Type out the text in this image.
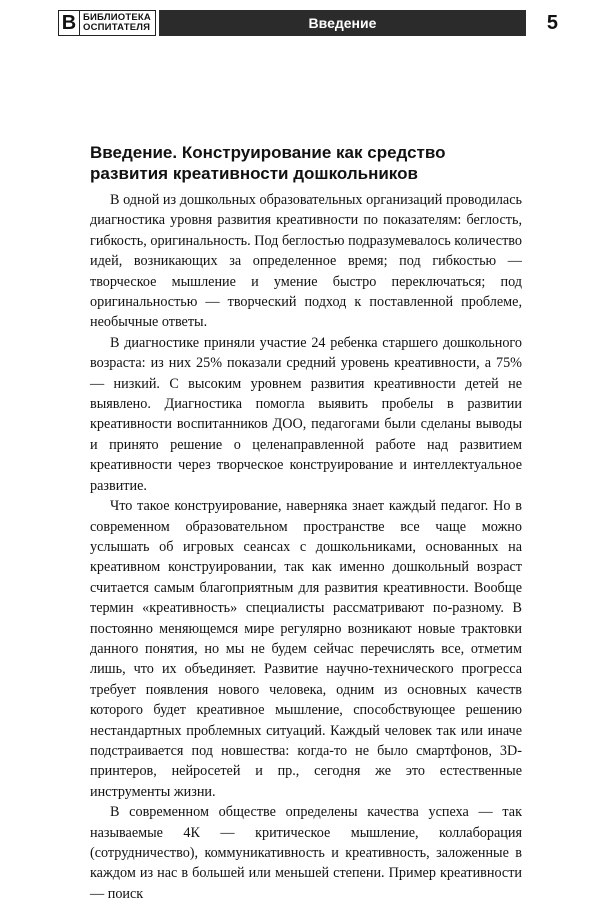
В БИБЛИОТЕКА
ОСПИТАТЕЛЯ	Введение	5
Введение. Конструирование как средство
развития креативности дошкольников

В одной из дошкольных образовательных организаций проводилась диагностика уровня развития креативности по показателям: беглость, гибкость, оригинальность. Под беглостью подразумевалось количество идей, возникающих за определенное время; под гибкостью — творческое мышление и умение быстро переключаться; под оригинальностью — творческий подход к поставленной проблеме, необычные ответы.

В диагностике приняли участие 24 ребенка старшего дошкольного возраста: из них 25% показали средний уровень креативности, а 75% — низкий. С высоким уровнем развития креативности детей не выявлено. Диагностика помогла выявить пробелы в развитии креативности воспитанников ДОО, педагогами были сделаны выводы и принято решение о целенаправленной работе над развитием креативности через творческое конструирование и интеллектуальное развитие.

Что такое конструирование, наверняка знает каждый педагог. Но в современном образовательном пространстве все чаще можно услышать об игровых сеансах с дошкольниками, основанных на креативном конструировании, так как именно дошкольный возраст считается самым благоприятным для развития креативности. Вообще термин «креативность» специалисты рассматривают по-разному. В постоянно меняющемся мире регулярно возникают новые трактовки данного понятия, но мы не будем сейчас перечислять все, отметим лишь, что их объединяет. Развитие научно-технического прогресса требует появления нового человека, одним из основных качеств которого будет креативное мышление, способствующее решению нестандартных проблемных ситуаций. Каждый человек так или иначе подстраивается под новшества: когда-то не было смартфонов, 3D-принтеров, нейросетей и пр., сегодня же это естественные инструменты жизни.

В современном обществе определены качества успеха — так называемые 4К — критическое мышление, коллаборация (сотрудничество), коммуникативность и креативность, заложенные в каждом из нас в большей или меньшей степени. Пример креативности — поиск
